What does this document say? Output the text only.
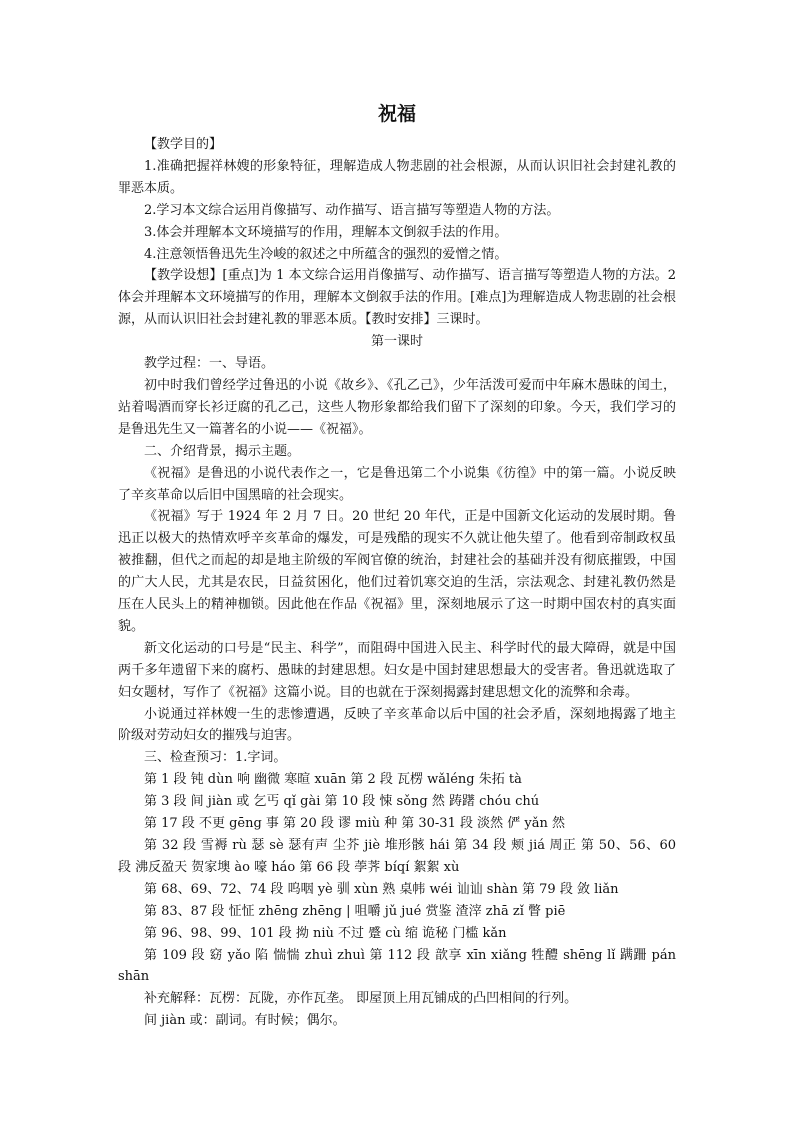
祝福

【教学目的】

1.准确把握祥林嫂的形象特征，理解造成人物悲剧的社会根源，从而认识旧社会封建礼教的罪恶本质。

2.学习本文综合运用肖像描写、动作描写、语言描写等塑造人物的方法。

3.体会并理解本文环境描写的作用，理解本文倒叙手法的作用。

4.注意领悟鲁迅先生冷峻的叙述之中所蕴含的强烈的爱憎之情。

【教学设想】[重点]为 1 本文综合运用肖像描写、动作描写、语言描写等塑造人物的方法。2 体会并理解本文环境描写的作用，理解本文倒叙手法的作用。[难点]为理解造成人物悲剧的社会根源，从而认识旧社会封建礼教的罪恶本质。【教时安排】三课时。

第一课时

教学过程：一、导语。

初中时我们曾经学过鲁迅的小说《故乡》、《孔乙己》，少年活泼可爱而中年麻木愚昧的闰土，站着喝酒而穿长衫迂腐的孔乙己，这些人物形象都给我们留下了深刻的印象。今天，我们学习的是鲁迅先生又一篇著名的小说——《祝福》。

二、介绍背景，揭示主题。

《祝福》是鲁迅的小说代表作之一，它是鲁迅第二个小说集《彷徨》中的第一篇。小说反映了辛亥革命以后旧中国黑暗的社会现实。

《祝福》写于 1924 年 2 月 7 日。20 世纪 20 年代，正是中国新文化运动的发展时期。鲁迅正以极大的热情欢呼辛亥革命的爆发，可是残酷的现实不久就让他失望了。他看到帝制政权虽被推翻，但代之而起的却是地主阶级的军阀官僚的统治，封建社会的基础并没有彻底摧毁，中国的广大人民，尤其是农民，日益贫困化，他们过着饥寒交迫的生活，宗法观念、封建礼教仍然是压在人民头上的精神枷锁。因此他在作品《祝福》里，深刻地展示了这一时期中国农村的真实面貌。

新文化运动的口号是“民主、科学”，而阻碍中国进入民主、科学时代的最大障碍，就是中国两千多年遗留下来的腐朽、愚昧的封建思想。妇女是中国封建思想最大的受害者。鲁迅就选取了妇女题材，写作了《祝福》这篇小说。目的也就在于深刻揭露封建思想文化的流弊和余毒。

小说通过祥林嫂一生的悲惨遭遇，反映了辛亥革命以后中国的社会矛盾，深刻地揭露了地主阶级对劳动妇女的摧残与迫害。

三、检查预习：1.字词。

第 1 段 钝 dùn 响 幽微 寒暄 xuān 第 2 段 瓦楞 wǎléng 朱拓 tà

第 3 段 间 jiàn 或 乞丐 qǐ gài 第 10 段 悚 sǒng 然 踌躇 chóu chú

第 17 段 不更 gēng 事 第 20 段 谬 miù 种 第 30-31 段 淡然 俨 yǎn 然

第 32 段 雪褥 rù 瑟 sè 瑟有声 尘芥 jiè 堆形骸 hái 第 34 段 颊 jiá 周正 第 50、56、60 段 沸反盈天 贺家墺 ào 嚎 háo 第 66 段 荸荠 bíqí 絮絮 xù

第 68、69、72、74 段 呜咽 yè 驯 xùn 熟 桌帏 wéi 讪讪 shàn 第 79 段 敛 liǎn

第 83、87 段 怔怔 zhēng zhēng | 咀嚼 jǔ jué 赏鉴 渣滓 zhā zǐ 瞥 piē

第 96、98、99、101 段 拗 niù 不过 蹙 cù 缩 诡秘 门槛 kǎn

第 109 段 窈 yǎo 陷 惴惴 zhuì zhuì 第 112 段 歆享 xīn xiǎng 牲醴 shēng lǐ 蹒跚 pán shān

补充解释：瓦楞：瓦陇，亦作瓦垄。 即屋顶上用瓦铺成的凸凹相间的行列。

间 jiàn 或：副词。有时候；偶尔。
